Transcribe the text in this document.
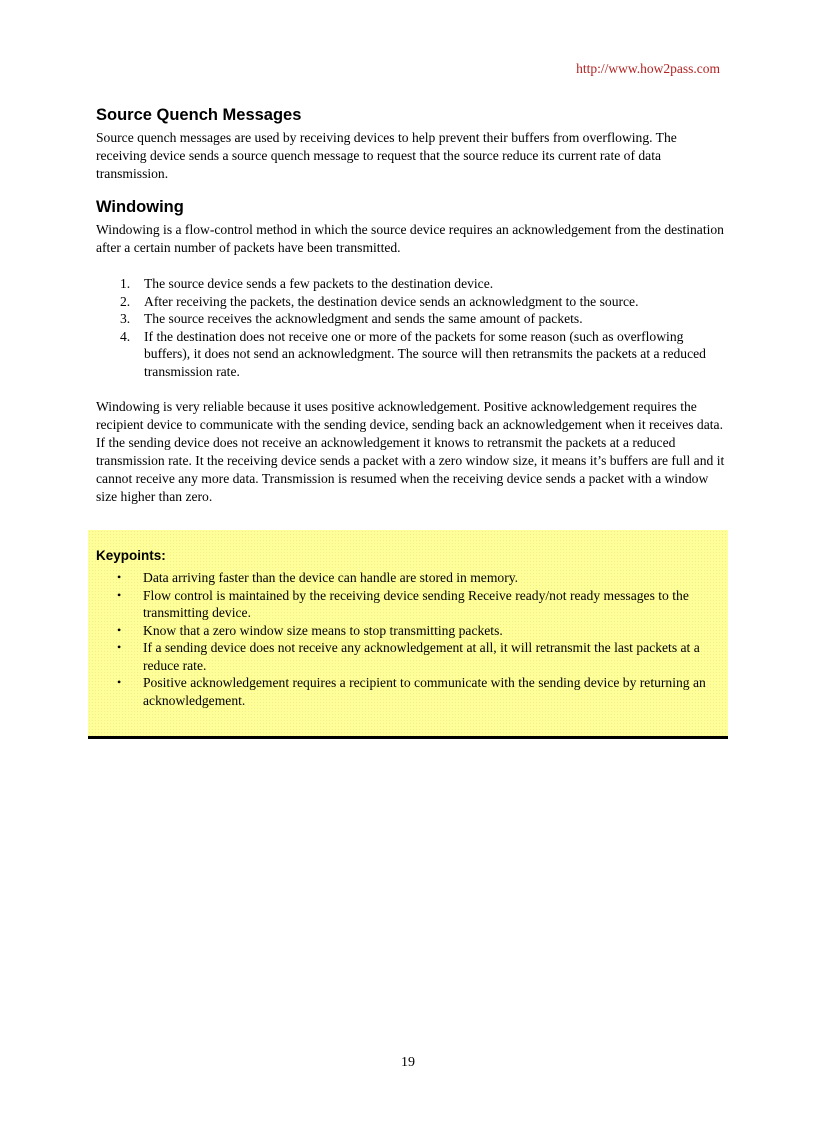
http://www.how2pass.com
Source Quench Messages

Source quench messages are used by receiving devices to help prevent their buffers from overflowing. The receiving device sends a source quench message to request that the source reduce its current rate of data transmission.

Windowing

Windowing is a flow-control method in which the source device requires an acknowledgement from the destination after a certain number of packets have been transmitted.

1. The source device sends a few packets to the destination device.
2. After receiving the packets, the destination device sends an acknowledgment to the source.
3. The source receives the acknowledgment and sends the same amount of packets.
4. If the destination does not receive one or more of the packets for some reason (such as overflowing buffers), it does not send an acknowledgment. The source will then retransmits the packets at a reduced transmission rate.

Windowing is very reliable because it uses positive acknowledgement. Positive acknowledgement requires the recipient device to communicate with the sending device, sending back an acknowledgement when it receives data. If the sending device does not receive an acknowledgement it knows to retransmit the packets at a reduced transmission rate. It the receiving device sends a packet with a zero window size, it means it’s buffers are full and it cannot receive any more data. Transmission is resumed when the receiving device sends a packet with a window size higher than zero.

Keypoints:
• Data arriving faster than the device can handle are stored in memory.
• Flow control is maintained by the receiving device sending Receive ready/not ready messages to the transmitting device.
• Know that a zero window size means to stop transmitting packets.
• If a sending device does not receive any acknowledgement at all, it will retransmit the last packets at a reduce rate.
• Positive acknowledgement requires a recipient to communicate with the sending device by returning an acknowledgement.
19
